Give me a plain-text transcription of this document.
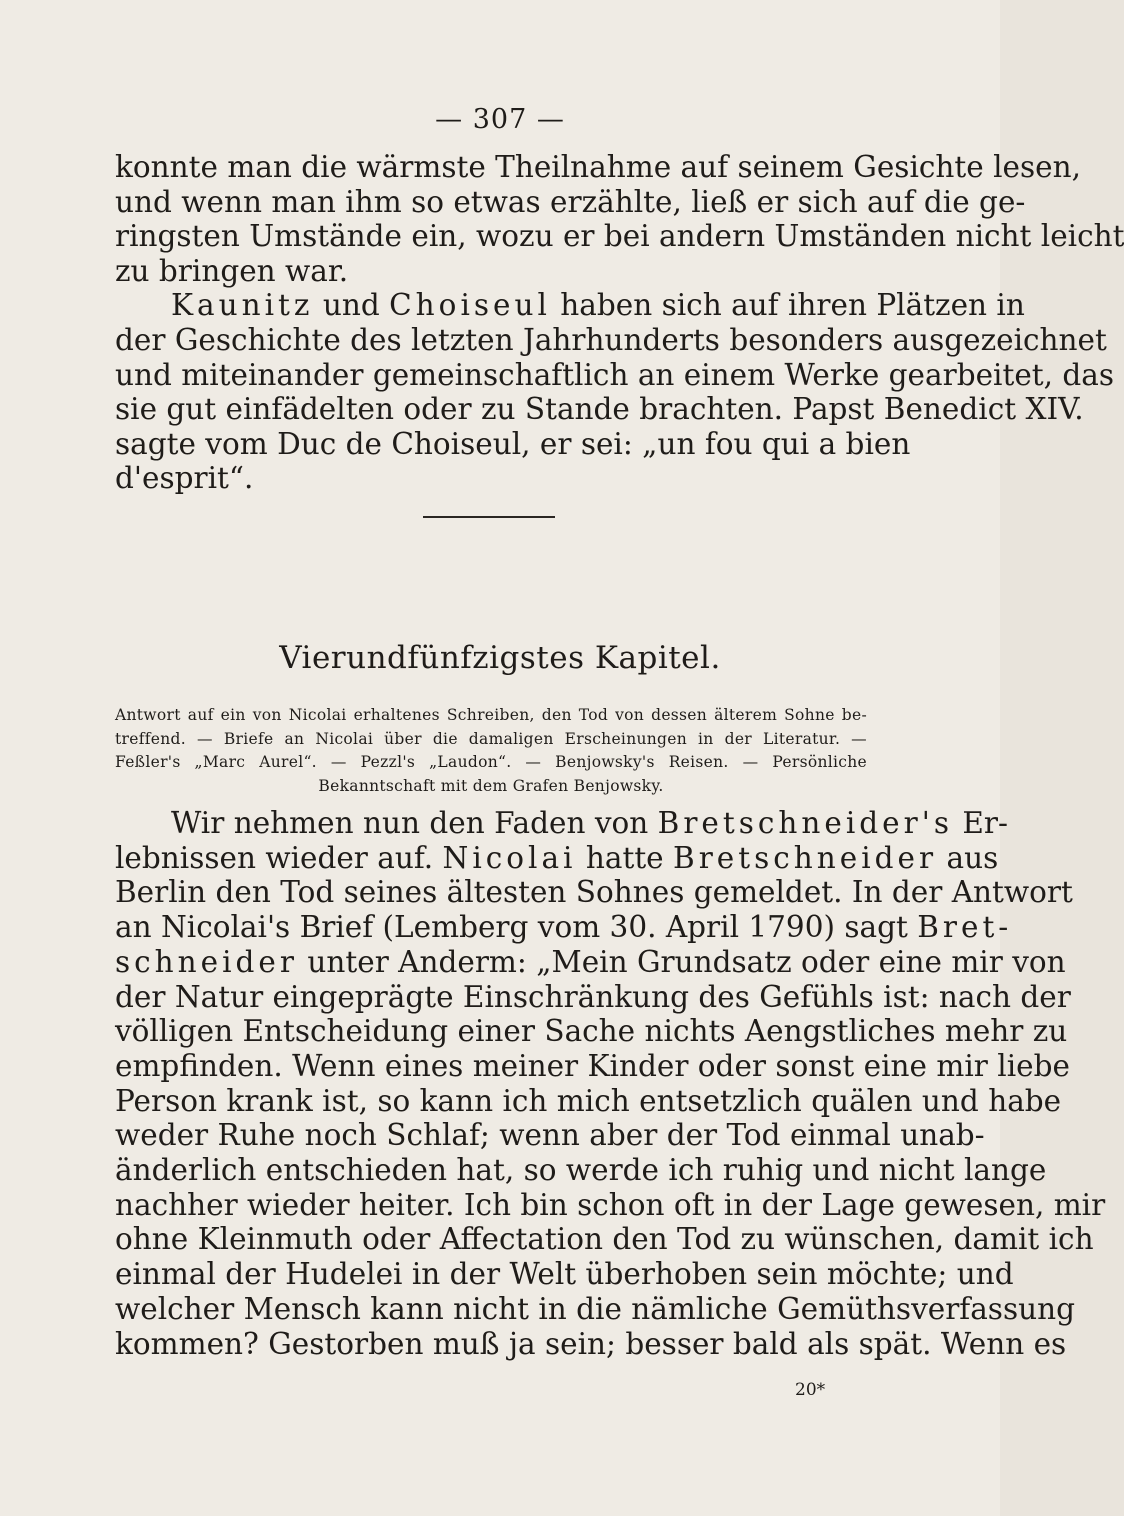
— 307 —
konnte man die wärmste Theilnahme auf seinem Gesichte lesen,
und wenn man ihm so etwas erzählte, ließ er sich auf die ge-
ringsten Umstände ein, wozu er bei andern Umständen nicht leicht
zu bringen war.
Kaunitz und Choiseul haben sich auf ihren Plätzen in
der Geschichte des letzten Jahrhunderts besonders ausgezeichnet
und miteinander gemeinschaftlich an einem Werke gearbeitet, das
sie gut einfädelten oder zu Stande brachten. Papst Benedict XIV.
sagte vom Duc de Choiseul, er sei: „un fou qui a bien
d'esprit“.
Vierundfünfzigstes Kapitel.
Antwort auf ein von Nicolai erhaltenes Schreiben, den Tod von dessen älterem Sohne be-
treffend. — Briefe an Nicolai über die damaligen Erscheinungen in der Literatur. —
Feßler's „Marc Aurel“. — Pezzl's „Laudon“. — Benjowsky's Reisen. — Persönliche
Bekanntschaft mit dem Grafen Benjowsky.
Wir nehmen nun den Faden von Bretschneider's Er-
lebnissen wieder auf. Nicolai hatte Bretschneider aus
Berlin den Tod seines ältesten Sohnes gemeldet. In der Antwort
an Nicolai's Brief (Lemberg vom 30. April 1790) sagt Bret-
schneider unter Anderm: „Mein Grundsatz oder eine mir von
der Natur eingeprägte Einschränkung des Gefühls ist: nach der
völligen Entscheidung einer Sache nichts Aengstliches mehr zu
empfinden. Wenn eines meiner Kinder oder sonst eine mir liebe
Person krank ist, so kann ich mich entsetzlich quälen und habe
weder Ruhe noch Schlaf; wenn aber der Tod einmal unab-
änderlich entschieden hat, so werde ich ruhig und nicht lange
nachher wieder heiter. Ich bin schon oft in der Lage gewesen, mir
ohne Kleinmuth oder Affectation den Tod zu wünschen, damit ich
einmal der Hudelei in der Welt überhoben sein möchte; und
welcher Mensch kann nicht in die nämliche Gemüthsverfassung
kommen? Gestorben muß ja sein; besser bald als spät. Wenn es
20*
